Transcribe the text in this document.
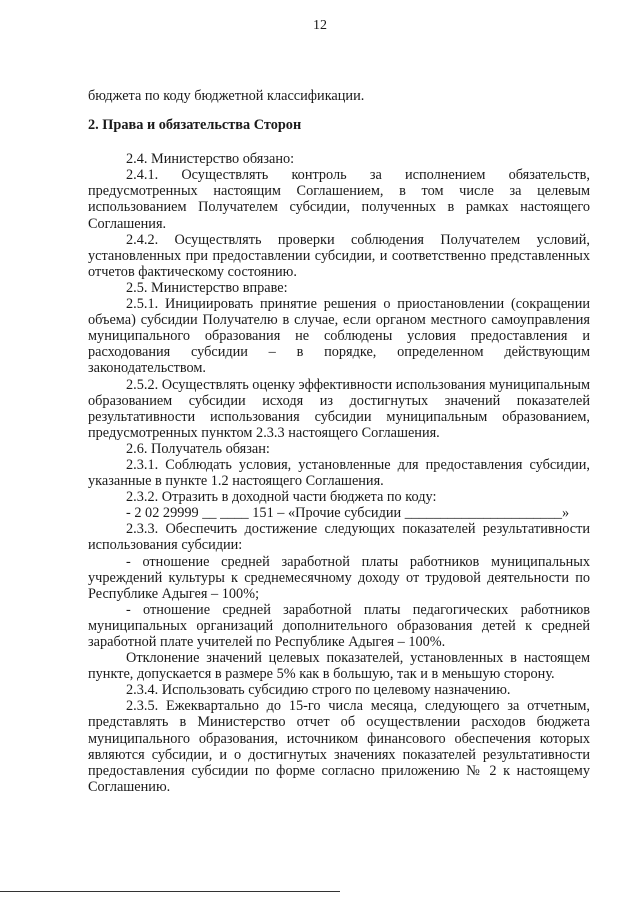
12

бюджета по коду бюджетной классификации.

2. Права и обязательства Сторон

2.4. Министерство обязано:

2.4.1. Осуществлять контроль за исполнением обязательств, предусмотренных настоящим Соглашением, в том числе за целевым использованием Получателем субсидии, полученных в рамках настоящего Соглашения.

2.4.2. Осуществлять проверки соблюдения Получателем условий, установленных при предоставлении субсидии, и соответственно представленных отчетов фактическому состоянию.

2.5. Министерство вправе:

2.5.1. Инициировать принятие решения о приостановлении (сокращении объема) субсидии Получателю в случае, если органом местного самоуправления муниципального образования не соблюдены условия предоставления и расходования субсидии – в порядке, определенном действующим законодательством.

2.5.2. Осуществлять оценку эффективности использования муниципальным образованием субсидии исходя из достигнутых значений показателей результативности использования субсидии муниципальным образованием, предусмотренных пунктом 2.3.3 настоящего Соглашения.

2.6. Получатель обязан:

2.3.1. Соблюдать условия, установленные для предоставления субсидии, указанные в пункте 1.2 настоящего Соглашения.

2.3.2. Отразить в доходной части бюджета по коду:

- 2 02 29999 __ ____ 151 – «Прочие субсидии ______________________»

2.3.3. Обеспечить достижение следующих показателей результативности использования субсидии:

- отношение средней заработной платы работников муниципальных учреждений культуры к среднемесячному доходу от трудовой деятельности по Республике Адыгея – 100%;

- отношение средней заработной платы педагогических работников муниципальных организаций дополнительного образования детей к средней заработной плате учителей по Республике Адыгея – 100%.

Отклонение значений целевых показателей, установленных в настоящем пункте, допускается в размере 5% как в большую, так и в меньшую сторону.

2.3.4. Использовать субсидию строго по целевому назначению.

2.3.5. Ежеквартально до 15-го числа месяца, следующего за отчетным, представлять в Министерство отчет об осуществлении расходов бюджета муниципального образования, источником финансового обеспечения которых являются субсидии, и о достигнутых значениях показателей результативности предоставления субсидии по форме согласно приложению № 2 к настоящему Соглашению.
